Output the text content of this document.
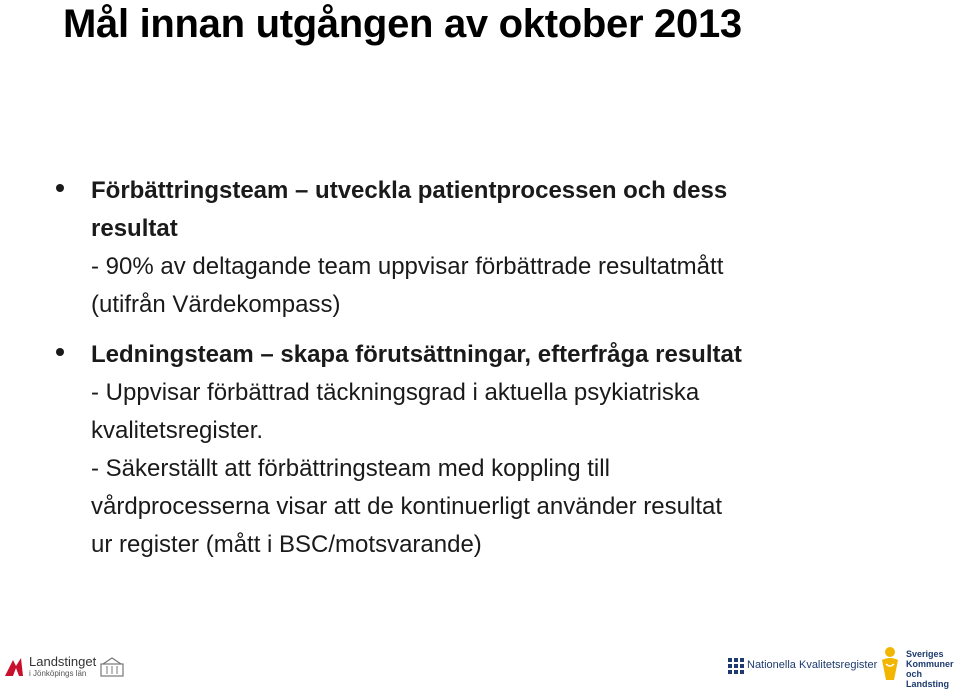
Mål innan utgången av oktober 2013
Förbättringsteam – utveckla patientprocessen och dess
resultat
- 90% av deltagande team uppvisar förbättrade resultatmått
(utifrån Värdekompass)
Ledningsteam – skapa förutsättningar, efterfråga resultat
- Uppvisar förbättrad täckningsgrad i aktuella psykiatriska
kvalitetsregister.
- Säkerställt att förbättringsteam med koppling till
vårdprocesserna visar att de kontinuerligt använder resultat
ur register (mått i BSC/motsvarande)
Landstinget
i Jönköpings län
Nationella Kvalitetsregister
Sveriges
Kommuner
och Landsting
